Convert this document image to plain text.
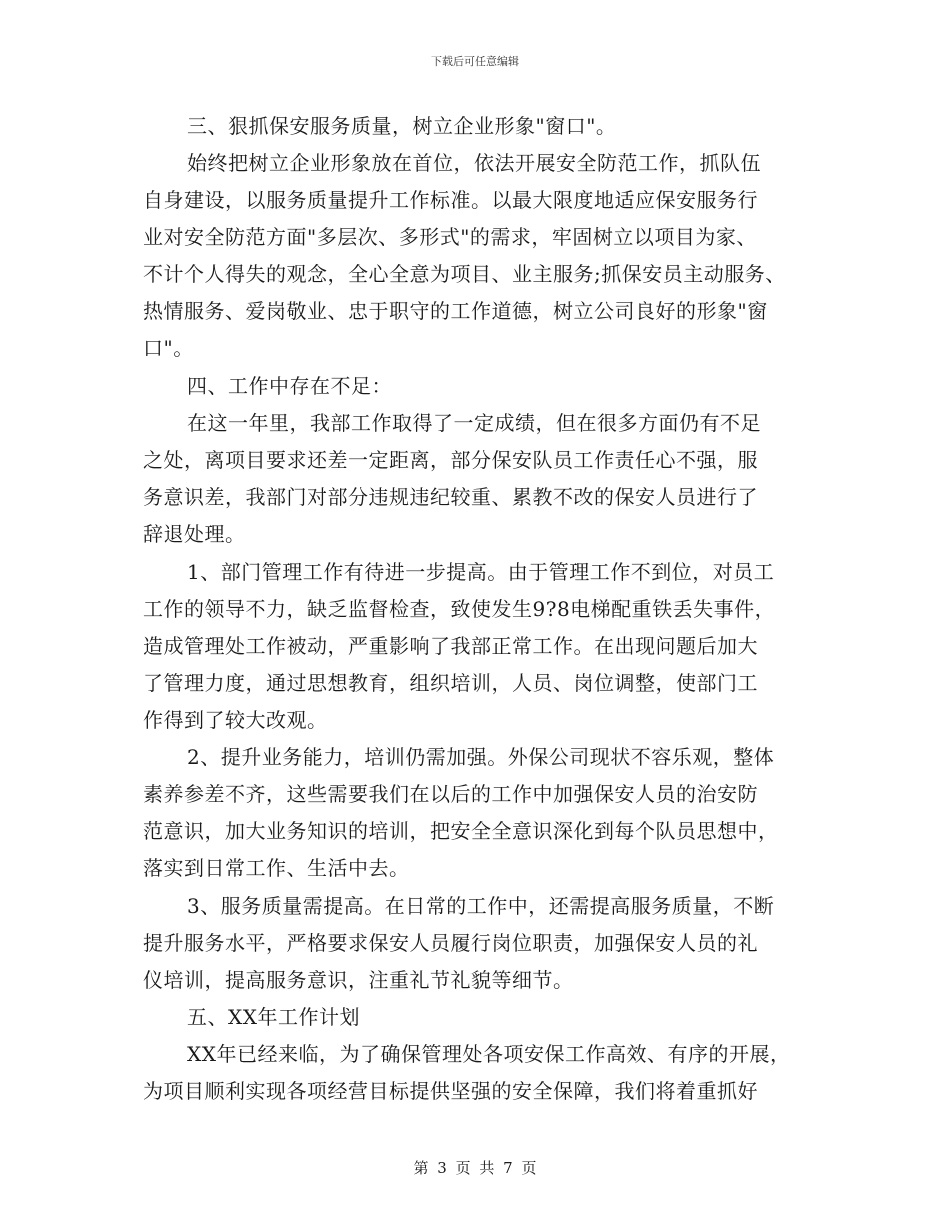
下载后可任意编辑
三、狠抓保安服务质量，树立企业形象"窗口"。
始终把树立企业形象放在首位，依法开展安全防范工作，抓队伍
自身建设，以服务质量提升工作标准。以最大限度地适应保安服务行
业对安全防范方面"多层次、多形式"的需求，牢固树立以项目为家、
不计个人得失的观念，全心全意为项目、业主服务;抓保安员主动服务、
热情服务、爱岗敬业、忠于职守的工作道德，树立公司良好的形象"窗
口"。
四、工作中存在不足：
在这一年里，我部工作取得了一定成绩，但在很多方面仍有不足
之处，离项目要求还差一定距离，部分保安队员工作责任心不强，服
务意识差，我部门对部分违规违纪较重、累教不改的保安人员进行了
辞退处理。
1、部门管理工作有待进一步提高。由于管理工作不到位，对员工
工作的领导不力，缺乏监督检查，致使发生9?8电梯配重铁丢失事件，
造成管理处工作被动，严重影响了我部正常工作。在出现问题后加大
了管理力度，通过思想教育，组织培训，人员、岗位调整，使部门工
作得到了较大改观。
2、提升业务能力，培训仍需加强。外保公司现状不容乐观，整体
素养参差不齐，这些需要我们在以后的工作中加强保安人员的治安防
范意识，加大业务知识的培训，把安全全意识深化到每个队员思想中，
落实到日常工作、生活中去。
3、服务质量需提高。在日常的工作中，还需提高服务质量，不断
提升服务水平，严格要求保安人员履行岗位职责，加强保安人员的礼
仪培训，提高服务意识，注重礼节礼貌等细节。
五、XX年工作计划
XX年已经来临，为了确保管理处各项安保工作高效、有序的开展，
为项目顺利实现各项经营目标提供坚强的安全保障，我们将着重抓好
第 3 页 共 7 页
